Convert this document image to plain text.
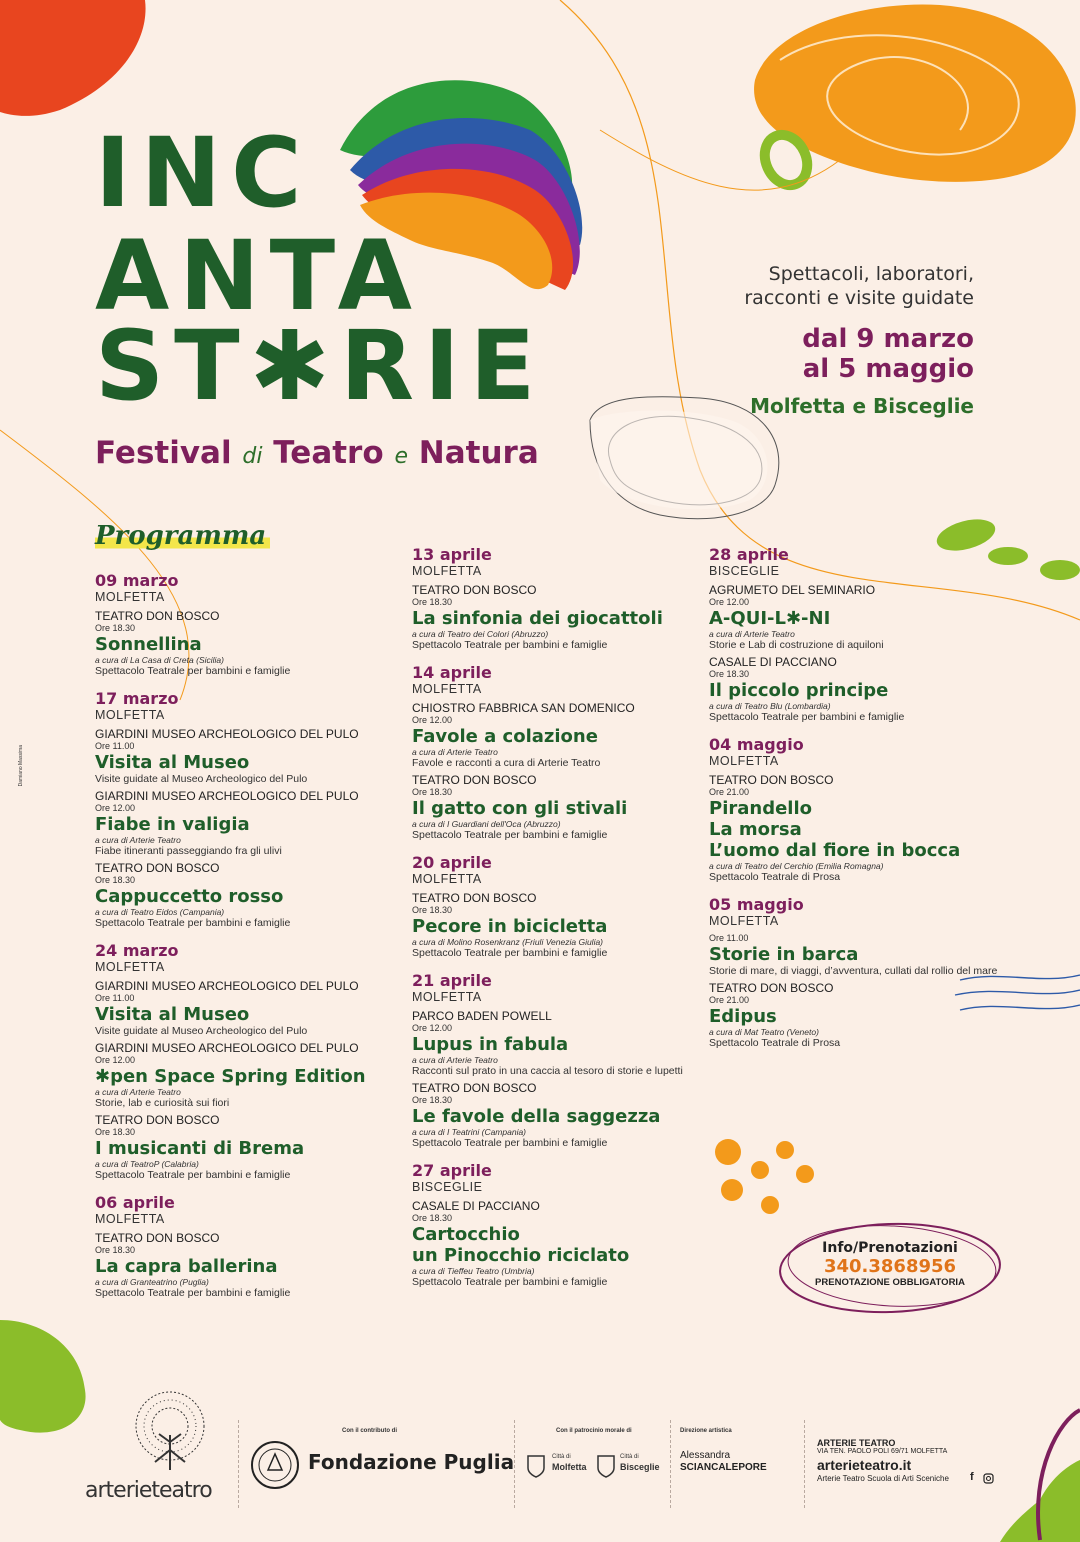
INC
ANTA
ST✱RIE
Festival di Teatro e Natura
Spettacoli, laboratori,
racconti e visite guidate
dal 9 marzo
al 5 maggio
Molfetta e Bisceglie
Programma
Damiano Massima
09 marzo
MOLFETTA
TEATRO DON BOSCO
Ore 18.30
Sonnellina
a cura di La Casa di Creta (Sicilia)
Spettacolo Teatrale per bambini e famiglie
17 marzo
MOLFETTA
GIARDINI MUSEO ARCHEOLOGICO DEL PULO
Ore 11.00
Visita al Museo
Visite guidate al Museo Archeologico del Pulo
GIARDINI MUSEO ARCHEOLOGICO DEL PULO
Ore 12.00
Fiabe in valigia
a cura di Arterie Teatro
Fiabe itineranti passeggiando fra gli ulivi
TEATRO DON BOSCO
Ore 18.30
Cappuccetto rosso
a cura di Teatro Eidos (Campania)
Spettacolo Teatrale per bambini e famiglie
24 marzo
MOLFETTA
GIARDINI MUSEO ARCHEOLOGICO DEL PULO
Ore 11.00
Visita al Museo
Visite guidate al Museo Archeologico del Pulo
GIARDINI MUSEO ARCHEOLOGICO DEL PULO
Ore 12.00
✱pen Space Spring Edition
a cura di Arterie Teatro
Storie, lab e curiosità sui fiori
TEATRO DON BOSCO
Ore 18.30
I musicanti di Brema
a cura di TeatroP (Calabria)
Spettacolo Teatrale per bambini e famiglie
06 aprile
MOLFETTA
TEATRO DON BOSCO
Ore 18.30
La capra ballerina
a cura di Granteatrino (Puglia)
Spettacolo Teatrale per bambini e famiglie
13 aprile
MOLFETTA
TEATRO DON BOSCO
Ore 18.30
La sinfonia dei giocattoli
a cura di Teatro dei Colori (Abruzzo)
Spettacolo Teatrale per bambini e famiglie
14 aprile
MOLFETTA
CHIOSTRO FABBRICA SAN DOMENICO
Ore 12.00
Favole a colazione
a cura di Arterie Teatro
Favole e racconti a cura di Arterie Teatro
TEATRO DON BOSCO
Ore 18.30
Il gatto con gli stivali
a cura di I Guardiani dell'Oca (Abruzzo)
Spettacolo Teatrale per bambini e famiglie
20 aprile
MOLFETTA
TEATRO DON BOSCO
Ore 18.30
Pecore in bicicletta
a cura di Molino Rosenkranz (Friuli Venezia Giulia)
Spettacolo Teatrale per bambini e famiglie
21 aprile
MOLFETTA
PARCO BADEN POWELL
Ore 12.00
Lupus in fabula
a cura di Arterie Teatro
Racconti sul prato in una caccia al tesoro di storie e lupetti
TEATRO DON BOSCO
Ore 18.30
Le favole della saggezza
a cura di I Teatrini (Campania)
Spettacolo Teatrale per bambini e famiglie
27 aprile
BISCEGLIE
CASALE DI PACCIANO
Ore 18.30
Cartocchio
un Pinocchio riciclato
a cura di Tieffeu Teatro (Umbria)
Spettacolo Teatrale per bambini e famiglie
28 aprile
BISCEGLIE
AGRUMETO DEL SEMINARIO
Ore 12.00
A-QUI-L✱-NI
a cura di Arterie Teatro
Storie e Lab di costruzione di aquiloni
CASALE DI PACCIANO
Ore 18.30
Il piccolo principe
a cura di Teatro Blu (Lombardia)
Spettacolo Teatrale per bambini e famiglie
04 maggio
MOLFETTA
TEATRO DON BOSCO
Ore 21.00
Pirandello
La morsa
L’uomo dal fiore in bocca
a cura di Teatro del Cerchio (Emilia Romagna)
Spettacolo Teatrale di Prosa
05 maggio
MOLFETTA
Ore 11.00
Storie in barca
Storie di mare, di viaggi, d’avventura, cullati dal rollio del mare
TEATRO DON BOSCO
Ore 21.00
Edipus
a cura di Mat Teatro (Veneto)
Spettacolo Teatrale di Prosa
Info/Prenotazioni
340.3868956
PRENOTAZIONE OBBLIGATORIA
arterieteatro
Con il contributo di
Fondazione Puglia
Con il patrocinio morale di
Città di
Molfetta
Città di
Bisceglie
Direzione artistica
Alessandra
SCIANCALEPORE
ARTERIE TEATRO
VIA TEN. PAOLO POLI 69/71 MOLFETTA
arterieteatro.it
Arterie Teatro Scuola di Arti Sceniche f
